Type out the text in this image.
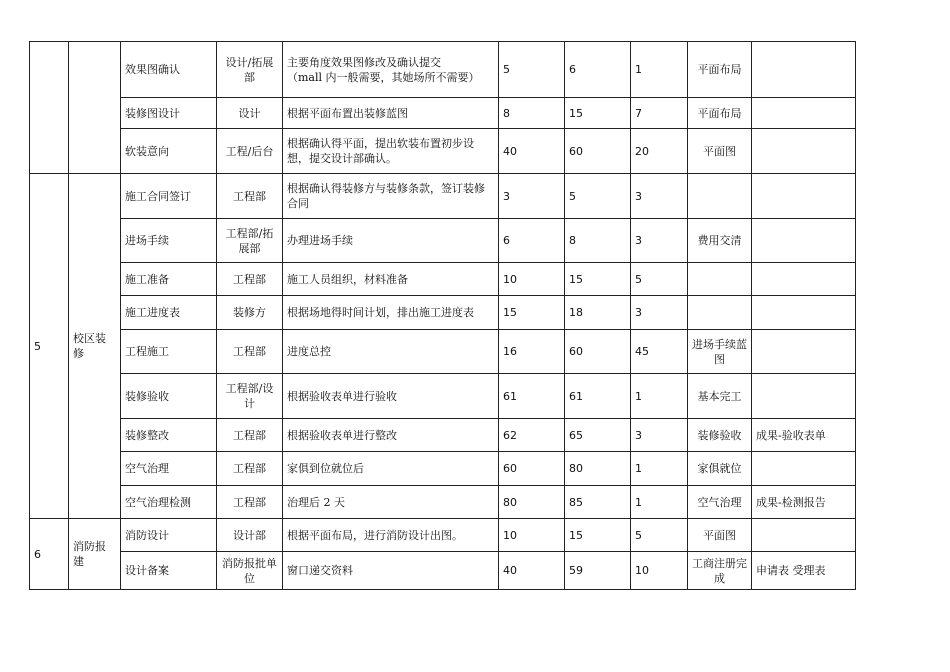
		效果图确认	设计/拓展部	主要角度效果图修改及确认提交
（mall 内一般需要，其她场所不需要）	5	6	1	平面布局	
		装修图设计	设计	根据平面布置出装修蓝图	8	15	7	平面布局	
		软装意向	工程/后台	根据确认得平面，提出软装布置初步设想，提交设计部确认。	40	60	20	平面图	
5	校区装修	施工合同签订	工程部	根据确认得装修方与装修条款，签订装修合同	3	5	3		
		进场手续	工程部/拓展部	办理进场手续	6	8	3	费用交清	
		施工准备	工程部	施工人员组织，材料准备	10	15	5		
		施工进度表	装修方	根据场地得时间计划，排出施工进度表	15	18	3		
		工程施工	工程部	进度总控	16	60	45	进场手续蓝图	
		装修验收	工程部/设计	根据验收表单进行验收	61	61	1	基本完工	
		装修整改	工程部	根据验收表单进行整改	62	65	3	装修验收	成果-验收表单
		空气治理	工程部	家俱到位就位后	60	80	1	家俱就位	
		空气治理检测	工程部	治理后 2 天	80	85	1	空气治理	成果-检测报告
6	消防报建	消防设计	设计部	根据平面布局，进行消防设计出图。	10	15	5	平面图	
		设计备案	消防报批单位	窗口递交资料	40	59	10	工商注册完成	申请表 受理表
